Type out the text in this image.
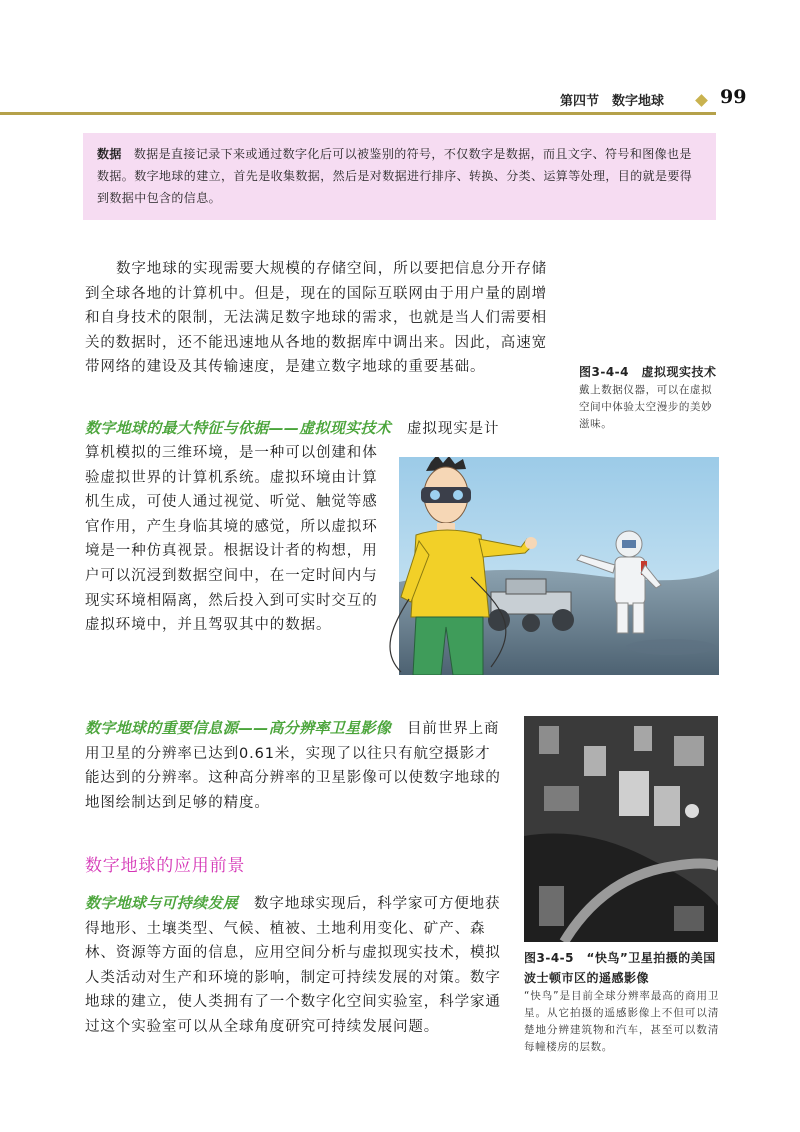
第四节　数字地球	99
数据 数据是直接记录下来或通过数字化后可以被鉴别的符号，不仅数字是数据，而且文字、符号和图像也是数据。数字地球的建立，首先是收集数据，然后是对数据进行排序、转换、分类、运算等处理，目的就是要得到数据中包含的信息。
数字地球的实现需要大规模的存储空间，所以要把信息分开存储到全球各地的计算机中。但是，现在的国际互联网由于用户量的剧增和自身技术的限制，无法满足数字地球的需求，也就是当人们需要相关的数据时，还不能迅速地从各地的数据库中调出来。因此，高速宽带网络的建设及其传输速度，是建立数字地球的重要基础。	图3-4-4　虚拟现实技术
戴上数据仪器，可以在虚拟空间中体验太空漫步的美妙滋味。
数字地球的最大特征与依据——虚拟现实技术 虚拟现实是计
算机模拟的三维环境，是一种可以创建和体验虚拟世界的计算机系统。虚拟环境由计算机生成，可使人通过视觉、听觉、触觉等感官作用，产生身临其境的感觉，所以虚拟环境是一种仿真视景。根据设计者的构想，用户可以沉浸到数据空间中，在一定时间内与现实环境相隔离，然后投入到可实时交互的虚拟环境中，并且驾驭其中的数据。
数字地球的重要信息源——高分辨率卫星影像 目前世界上商用卫星的分辨率已达到0.61米，实现了以往只有航空摄影才能达到的分辨率。这种高分辨率的卫星影像可以使数字地球的地图绘制达到足够的精度。
图3-4-5　“快鸟”卫星拍摄的美国波士顿市区的遥感影像
“快鸟”是目前全球分辨率最高的商用卫星。从它拍摄的遥感影像上不但可以清楚地分辨建筑物和汽车，甚至可以数清每幢楼房的层数。
数字地球的应用前景
数字地球与可持续发展 数字地球实现后，科学家可方便地获得地形、土壤类型、气候、植被、土地利用变化、矿产、森林、资源等方面的信息，应用空间分析与虚拟现实技术，模拟人类活动对生产和环境的影响，制定可持续发展的对策。数字地球的建立，使人类拥有了一个数字化空间实验室，科学家通过这个实验室可以从全球角度研究可持续发展问题。
